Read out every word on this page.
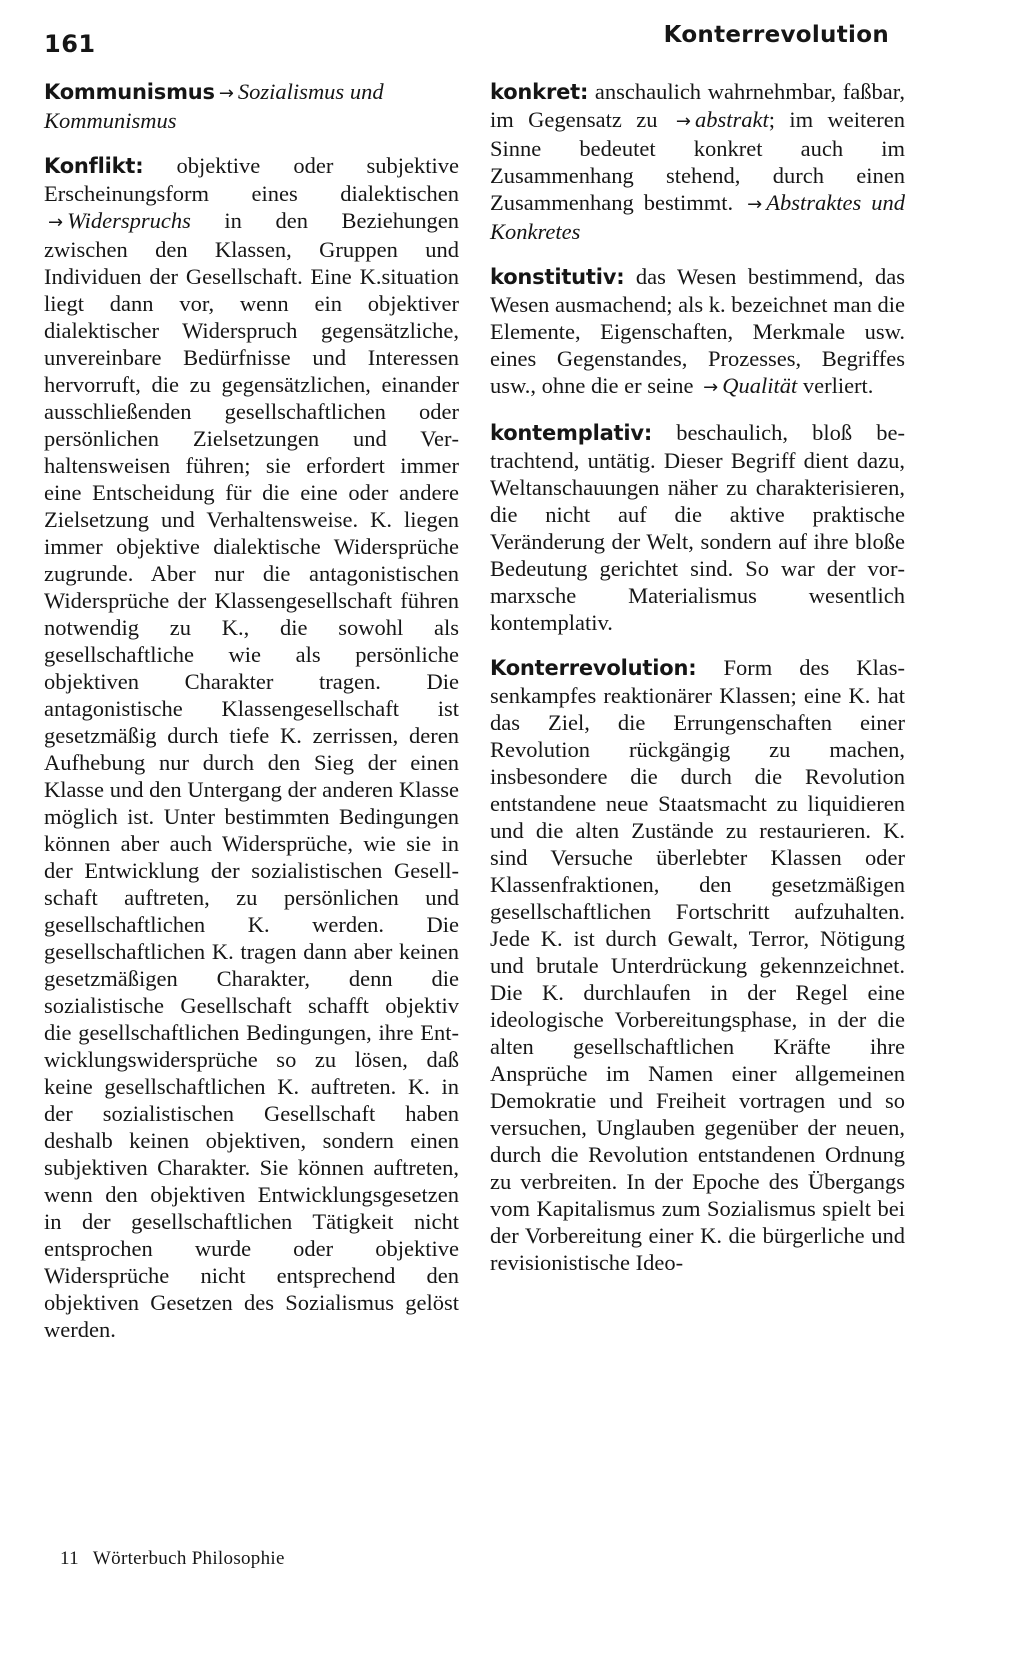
161	Konterrevolution

Kommunismus → Sozialismus und Kommunismus

Konflikt: objektive oder subjektive Erscheinungsform eines dialektischen → Widerspruchs in den Beziehungen zwischen den Klassen, Gruppen und Individuen der Gesellschaft. Eine K.situation liegt dann vor, wenn ein objektiver dialektischer Widerspruch gegensätzliche, unvereinbare Bedürfnisse und Interessen hervorruft, die zu gegensätzlichen, einander ausschließenden gesellschaftlichen oder persönlichen Zielsetzungen und Verhaltensweisen führen; sie erfordert immer eine Entscheidung für die eine oder andere Zielsetzung und Verhaltensweise. K. liegen immer objektive dialektische Widersprüche zugrunde. Aber nur die antagonistischen Widersprüche der Klassengesellschaft führen notwendig zu K., die sowohl als gesellschaftliche wie als persönliche objektiven Charakter tragen. Die antagonistische Klassengesellschaft ist gesetzmäßig durch tiefe K. zerrissen, deren Aufhebung nur durch den Sieg der einen Klasse und den Untergang der anderen Klasse möglich ist. Unter bestimmten Bedingungen können aber auch Widersprüche, wie sie in der Entwicklung der sozialistischen Gesellschaft auftreten, zu persönlichen und gesellschaftlichen K. werden. Die gesellschaftlichen K. tragen dann aber keinen gesetzmäßigen Charakter, denn die sozialistische Gesellschaft schafft objektiv die gesellschaftlichen Bedingungen, ihre Entwicklungswidersprüche so zu lösen, daß keine gesellschaftlichen K. auftreten. K. in der sozialistischen Gesellschaft haben deshalb keinen objektiven, sondern einen subjektiven Charakter. Sie können auftreten, wenn den objektiven Entwicklungsgesetzen in der gesellschaftlichen Tätigkeit nicht entsprochen wurde oder objektive Widersprüche nicht entsprechend den objektiven Gesetzen des Sozialismus gelöst werden.

konkret: anschaulich wahrnehmbar, faßbar, im Gegensatz zu → abstrakt; im weiteren Sinne bedeutet konkret auch im Zusammenhang stehend, durch einen Zusammenhang bestimmt. → Abstraktes und Konkretes

konstitutiv: das Wesen bestimmend, das Wesen ausmachend; als k. bezeichnet man die Elemente, Eigenschaften, Merkmale usw. eines Gegenstandes, Prozesses, Begriffes usw., ohne die er seine → Qualität verliert.

kontemplativ: beschaulich, bloß betrachtend, untätig. Dieser Begriff dient dazu, Weltanschauungen näher zu charakterisieren, die nicht auf die aktive praktische Veränderung der Welt, sondern auf ihre bloße Bedeutung gerichtet sind. So war der vormarxsche Materialismus wesentlich kontemplativ.

Konterrevolution: Form des Klassenkampfes reaktionärer Klassen; eine K. hat das Ziel, die Errungenschaften einer Revolution rückgängig zu machen, insbesondere die durch die Revolution entstandene neue Staatsmacht zu liquidieren und die alten Zustände zu restaurieren. K. sind Versuche überlebter Klassen oder Klassenfraktionen, den gesetzmäßigen gesellschaftlichen Fortschritt aufzuhalten. Jede K. ist durch Gewalt, Terror, Nötigung und brutale Unterdrückung gekennzeichnet. Die K. durchlaufen in der Regel eine ideologische Vorbereitungsphase, in der die alten gesellschaftlichen Kräfte ihre Ansprüche im Namen einer allgemeinen Demokratie und Freiheit vortragen und so versuchen, Unglauben gegenüber der neuen, durch die Revolution entstandenen Ordnung zu verbreiten. In der Epoche des Übergangs vom Kapitalismus zum Sozialismus spielt bei der Vorbereitung einer K. die bürgerliche und revisionistische Ideo-

11 Wörterbuch Philosophie
